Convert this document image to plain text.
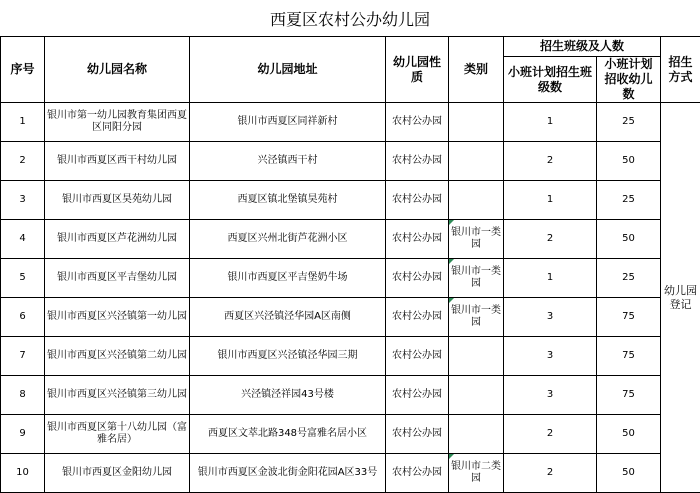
西夏区农村公办幼儿园
序号	幼儿园名称	幼儿园地址	幼儿园性质	类别	招生班级及人数		招生方式
					小班计划招生班级数	小班计划招收幼儿数	
1	银川市第一幼儿园教育集团西夏区同阳分园	银川市西夏区同祥新村	农村公办园		1	25	幼儿园登记
2	银川市西夏区西干村幼儿园	兴泾镇西干村	农村公办园		2	50	
3	银川市西夏区昊苑幼儿园	西夏区镇北堡镇昊苑村	农村公办园		1	25	
4	银川市西夏区芦花洲幼儿园	西夏区兴州北街芦花洲小区	农村公办园	银川市一类园	2	50	
5	银川市西夏区平吉堡幼儿园	银川市西夏区平吉堡奶牛场	农村公办园	银川市一类园	1	25	
6	银川市西夏区兴泾镇第一幼儿园	西夏区兴泾镇泾华园A区南侧	农村公办园	银川市一类园	3	75	
7	银川市西夏区兴泾镇第二幼儿园	银川市西夏区兴泾镇泾华园三期	农村公办园		3	75	
8	银川市西夏区兴泾镇第三幼儿园	兴泾镇泾祥园43号楼	农村公办园		3	75	
9	银川市西夏区第十八幼儿园（富雅名居）	西夏区文萃北路348号富雅名居小区	农村公办园		2	50	
10	银川市西夏区金阳幼儿园	银川市西夏区金波北街金阳花园A区33号	农村公办园	银川市二类园	2	50	
